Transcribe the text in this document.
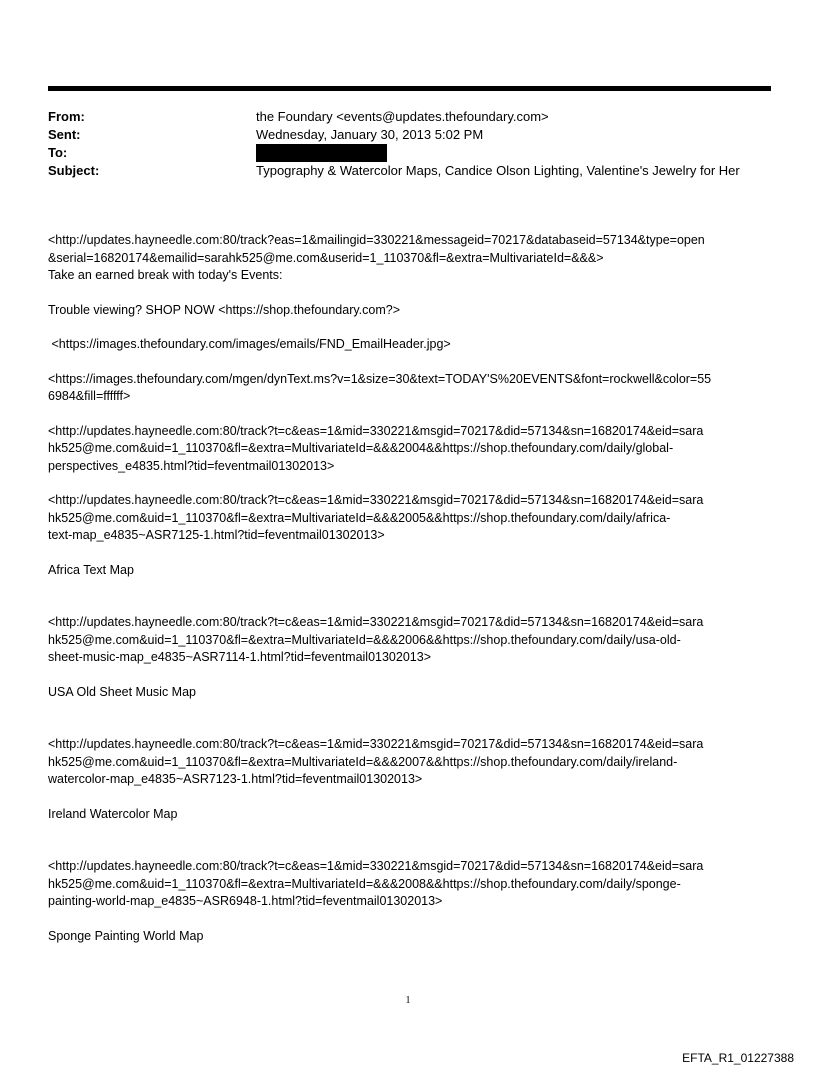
From:	the Foundary <events@updates.thefoundary.com>
Sent:	Wednesday, January 30, 2013 5:02 PM
To:
Subject:	Typography & Watercolor Maps, Candice Olson Lighting, Valentine's Jewelry for Her

<http://updates.hayneedle.com:80/track?eas=1&mailingid=330221&messageid=70217&databaseid=57134&type=open

&serial=16820174&emailid=sarahk525@me.com&userid=1_110370&fl=&extra=MultivariateId=&&&>

Take an earned break with today's Events:

Trouble viewing? SHOP NOW <https://shop.thefoundary.com?>

<https://images.thefoundary.com/images/emails/FND_EmailHeader.jpg>

<https://images.thefoundary.com/mgen/dynText.ms?v=1&size=30&text=TODAY'S%20EVENTS&font=rockwell&color=55

6984&fill=ffffff>

<http://updates.hayneedle.com:80/track?t=c&eas=1&mid=330221&msgid=70217&did=57134&sn=16820174&eid=sara

hk525@me.com&uid=1_110370&fl=&extra=MultivariateId=&&&2004&&https://shop.thefoundary.com/daily/global-

perspectives_e4835.html?tid=feventmail01302013>

<http://updates.hayneedle.com:80/track?t=c&eas=1&mid=330221&msgid=70217&did=57134&sn=16820174&eid=sara

hk525@me.com&uid=1_110370&fl=&extra=MultivariateId=&&&2005&&https://shop.thefoundary.com/daily/africa-

text-map_e4835~ASR7125-1.html?tid=feventmail01302013>

Africa Text Map

<http://updates.hayneedle.com:80/track?t=c&eas=1&mid=330221&msgid=70217&did=57134&sn=16820174&eid=sara

hk525@me.com&uid=1_110370&fl=&extra=MultivariateId=&&&2006&&https://shop.thefoundary.com/daily/usa-old-

sheet-music-map_e4835~ASR7114-1.html?tid=feventmail01302013>

USA Old Sheet Music Map

<http://updates.hayneedle.com:80/track?t=c&eas=1&mid=330221&msgid=70217&did=57134&sn=16820174&eid=sara

hk525@me.com&uid=1_110370&fl=&extra=MultivariateId=&&&2007&&https://shop.thefoundary.com/daily/ireland-

watercolor-map_e4835~ASR7123-1.html?tid=feventmail01302013>

Ireland Watercolor Map

<http://updates.hayneedle.com:80/track?t=c&eas=1&mid=330221&msgid=70217&did=57134&sn=16820174&eid=sara

hk525@me.com&uid=1_110370&fl=&extra=MultivariateId=&&&2008&&https://shop.thefoundary.com/daily/sponge-

painting-world-map_e4835~ASR6948-1.html?tid=feventmail01302013>

Sponge Painting World Map

1
EFTA_R1_01227388
